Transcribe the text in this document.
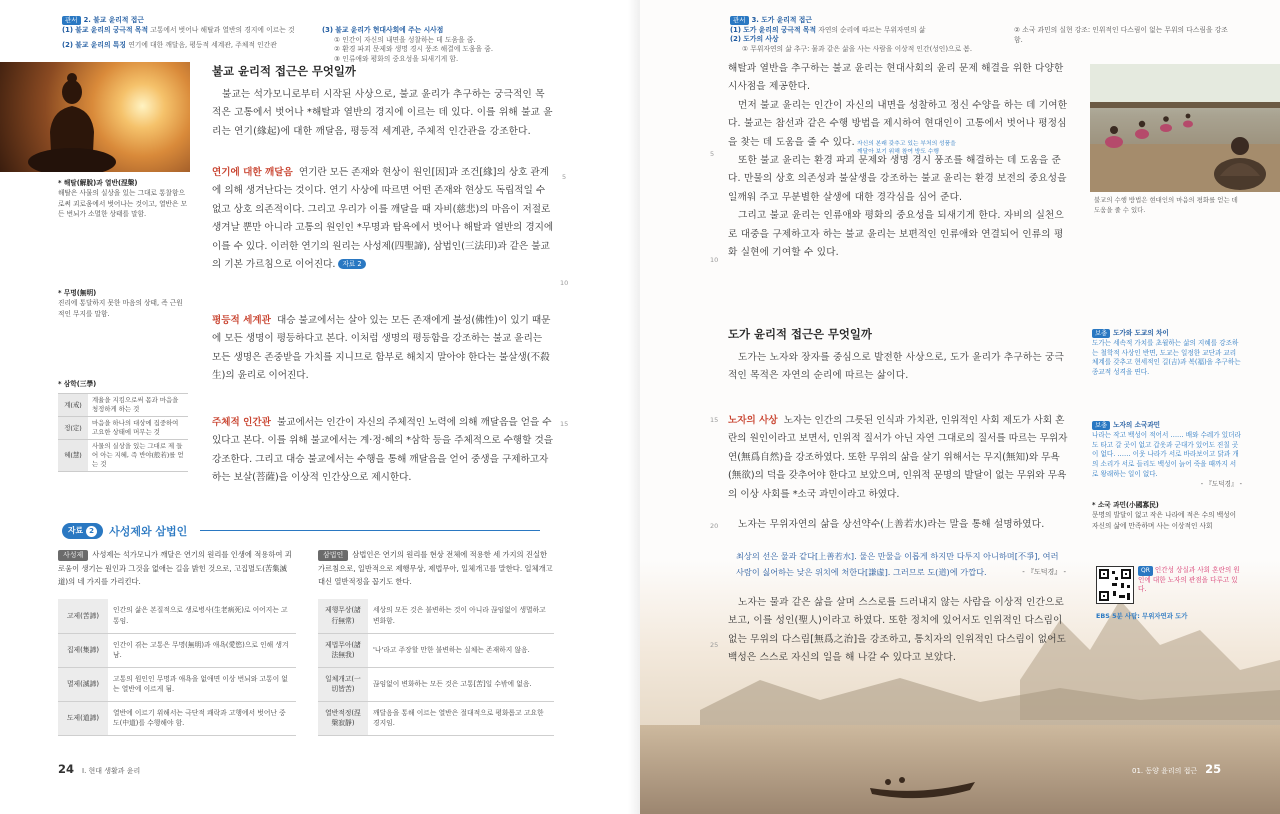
관서 2. 불교 윤리적 접근
(1) 불교 윤리의 궁극적 목적 고통에서 벗어나 해탈과 열반의 경지에 이르는 것
(2) 불교 윤리의 특징 연기에 대한 깨달음, 평등적 세계관, 주체적 인간관
(3) 불교 윤리가 현대사회에 주는 시사점
① 인간이 자신의 내면을 성찰하는 데 도움을 줌.
② 환경 파괴 문제와 생명 경시 풍조 해결에 도움을 줌.
③ 인류애와 평화의 중요성을 되새기게 함.
불교 윤리적 접근은 무엇일까

불교는 석가모니로부터 시작된 사상으로, 불교 윤리가 추구하는 궁극적인 목적은 고통에서 벗어나 *해탈과 열반의 경지에 이르는 데 있다. 이를 위해 불교 윤리는 연기(緣起)에 대한 깨달음, 평등적 세계관, 주체적 인간관을 강조한다.

연기에 대한 깨달음 연기란 모든 존재와 현상이 원인[因]과 조건[緣]의 상호 관계에 의해 생겨난다는 것이다. 연기 사상에 따르면 어떤 존재와 현상도 독립적일 수 없고 상호 의존적이다. 그리고 우리가 이를 깨달을 때 자비(慈悲)의 마음이 저절로 생겨날 뿐만 아니라 고통의 원인인 *무명과 탐욕에서 벗어나 해탈과 열반의 경지에 이를 수 있다. 이러한 연기의 원리는 사성제(四聖諦), 삼법인(三法印)과 같은 불교의 기본 가르침으로 이어진다. 자료 2
평등적 세계관 대승 불교에서는 살아 있는 모든 존재에게 불성(佛性)이 있기 때문에 모든 생명이 평등하다고 본다. 이처럼 생명의 평등함을 강조하는 불교 윤리는 모든 생명은 존중받을 가치를 지니므로 함부로 해치지 말아야 한다는 불살생(不殺生)의 윤리로 이어진다.
주체적 인간관 불교에서는 인간이 자신의 주체적인 노력에 의해 깨달음을 얻을 수 있다고 본다. 이를 위해 불교에서는 계·정·혜의 *삼학 등을 주체적으로 수행할 것을 강조한다. 그리고 대승 불교에서는 수행을 통해 깨달음을 얻어 중생을 구제하고자 하는 보살(菩薩)을 이상적 인간상으로 제시한다.
5
10
15
* 해탈(解脫)과 열반(涅槃)
해탈은 사물의 실상을 있는 그대로 통찰함으로써 괴로움에서 벗어나는 것이고, 열반은 모든 번뇌가 소멸한 상태를 말함.
* 무명(無明)
진리에 통달하지 못한 마음의 상태, 즉 근원적인 무지를 말함.
* 삼학(三學)
계(戒)	계율을 지킴으로써 몸과 마음을 청정하게 하는 것
정(定)	마음을 하나의 대상에 집중하여 고요한 상태에 머무는 것
혜(慧)	사물의 실상을 있는 그대로 제 들어 아는 지혜, 즉 반야(般若)를 얻는 것
자료 2	사성제와 삼법인
사성제 사성제는 석가모니가 깨달은 연기의 원리를 인생에 적용하여 괴로움이 생기는 원인과 그것을 없애는 길을 밝힌 것으로, 고집멸도(苦集滅道)의 네 가지를 가리킨다.
고제(苦諦)	인간의 삶은 본질적으로 생로병사(生老病死)로 이어지는 고통임.
집제(集諦)	인간이 겪는 고통은 무명(無明)과 애욕(愛慾)으로 인해 생겨남.
멸제(滅諦)	고통의 원인인 무명과 애욕을 없애면 이상 번뇌와 고통이 없는 열반에 이르게 됨.
도제(道諦)	열반에 이르기 위해서는 극단적 쾌락과 고행에서 벗어난 중도(中道)를 수행해야 함.
삼법인 삼법인은 연기의 원리를 현상 전체에 적용한 세 가지의 진실한 가르침으로, 일반적으로 제행무상, 제법무아, 일체개고를 말한다. 일체개고 대신 열반적정을 꼽기도 한다.
제행무상(諸行無常)	세상의 모든 것은 불변하는 것이 아니라 끊임없이 생멸하고 변화함.
제법무아(諸法無我)	'나'라고 주장할 만한 불변하는 실체는 존재하지 않음.
일체개고(一切皆苦)	끊임없이 변화하는 모든 것은 고통[苦]일 수밖에 없음.
열반적정(涅槃寂靜)	깨달음을 통해 이르는 열반은 절대적으로 평화롭고 고요한 경지임.
24 Ⅰ. 현대 생활과 윤리
관서 3. 도가 윤리적 접근
(1) 도가 윤리의 궁극적 목적 자연의 순리에 따르는 무위자연의 삶
(2) 도가의 사상
① 무위자연의 삶 추구: 물과 같은 삶을 사는 사람을 이상적 인간(성인)으로 봄.
② 소국 과민의 실현 강조: 인위적인 다스림이 없는 무위의 다스림을 강조함.

해탈과 열반을 추구하는 불교 윤리는 현대사회의 윤리 문제 해결을 위한 다양한 시사점을 제공한다.

먼저 불교 윤리는 인간이 자신의 내면을 성찰하고 정신 수양을 하는 데 기여한다. 불교는 참선과 같은 수행 방법을 제시하여 현대인이 고통에서 벗어나 평정심을 찾는 데 도움을 줄 수 있다.

또한 불교 윤리는 환경 파괴 문제와 생명 경시 풍조를 해결하는 데 도움을 준다. 만물의 상호 의존성과 불살생을 강조하는 불교 윤리는 환경 보전의 중요성을 일깨워 주고 무분별한 살생에 대한 경각심을 심어 준다.

그리고 불교 윤리는 인류애와 평화의 중요성을 되새기게 한다. 자비의 실천으로 대중을 구제하고자 하는 불교 윤리는 보편적인 인류애와 연결되어 인류의 평화 실현에 기여할 수 있다.

자신의 본래 갖추고 있는 부처의 성품을
깨달아 보기 위해 참여 방도 수행
5
10
15
20
25
불교의 수행 방법은 현대인의 마음의 평화를 얻는 데 도움을 줄 수 있다.
도가 윤리적 접근은 무엇일까

도가는 노자와 장자를 중심으로 발전한 사상으로, 도가 윤리가 추구하는 궁극적인 목적은 자연의 순리에 따르는 삶이다.

노자의 사상 노자는 인간의 그릇된 인식과 가치관, 인위적인 사회 제도가 사회 혼란의 원인이라고 보면서, 인위적 질서가 아닌 자연 그대로의 질서를 따르는 무위자연(無爲自然)을 강조하였다. 또한 무위의 삶을 살기 위해서는 무지(無知)와 무욕(無欲)의 덕을 갖추어야 한다고 보았으며, 인위적 문명의 발달이 없는 무위와 무욕의 이상 사회를 *소국 과민이라고 하였다.

노자는 무위자연의 삶을 상선약수(上善若水)라는 말을 통해 설명하였다.

최상의 선은 물과 같다[上善若水]. 물은 만물을 이롭게 하지만 다투지 아니하며[不爭], 여러 사람이 싫어하는 낮은 위치에 처한다[謙虛]. 그러므로 도(道)에 가깝다.	- 『도덕경』 -

노자는 물과 같은 삶을 살며 스스로를 드러내지 않는 사람을 이상적 인간으로 보고, 이를 성인(聖人)이라고 하였다. 또한 정치에 있어서도 인위적인 다스림이 없는 무위의 다스림[無爲之治]을 강조하고, 통치자의 인위적인 다스림이 없어도 백성은 스스로 자신의 일을 해 나갈 수 있다고 보았다.

보충 도가와 도교의 차이
도가는 세속적 가치를 초월하는 삶의 지혜를 강조하는 철학적 사상인 반면, 도교는 일정한 교단과 교리 체계를 갖추고 현세적인 길(吉)과 복(福)을 추구하는 종교적 성격을 띤다.
보충 노자의 소국과민
나라는 작고 백성이 적어서 …… 배와 수레가 있더라도 타고 갈 곳이 없고 갑옷과 군대가 있어도 진칠 곳이 없다. …… 이웃 나라가 서로 바라보이고 닭과 개의 소리가 서로 들리도 백성이 늙어 죽을 때까지 서로 왕래하는 일이 없다.
- 『도덕경』 -
* 소국 과민(小國寡民)
문명의 발달이 없고 작은 나라에 적은 수의 백성이 자신의 삶에 만족하며 사는 이상적인 사회
QR 인간성 상실과 사회 혼란의 원인에 대한 노자의 관점을 다루고 있다.
EBS 5분 사탐: 무위자연과 도가
01. 동양 윤리의 접근 25
